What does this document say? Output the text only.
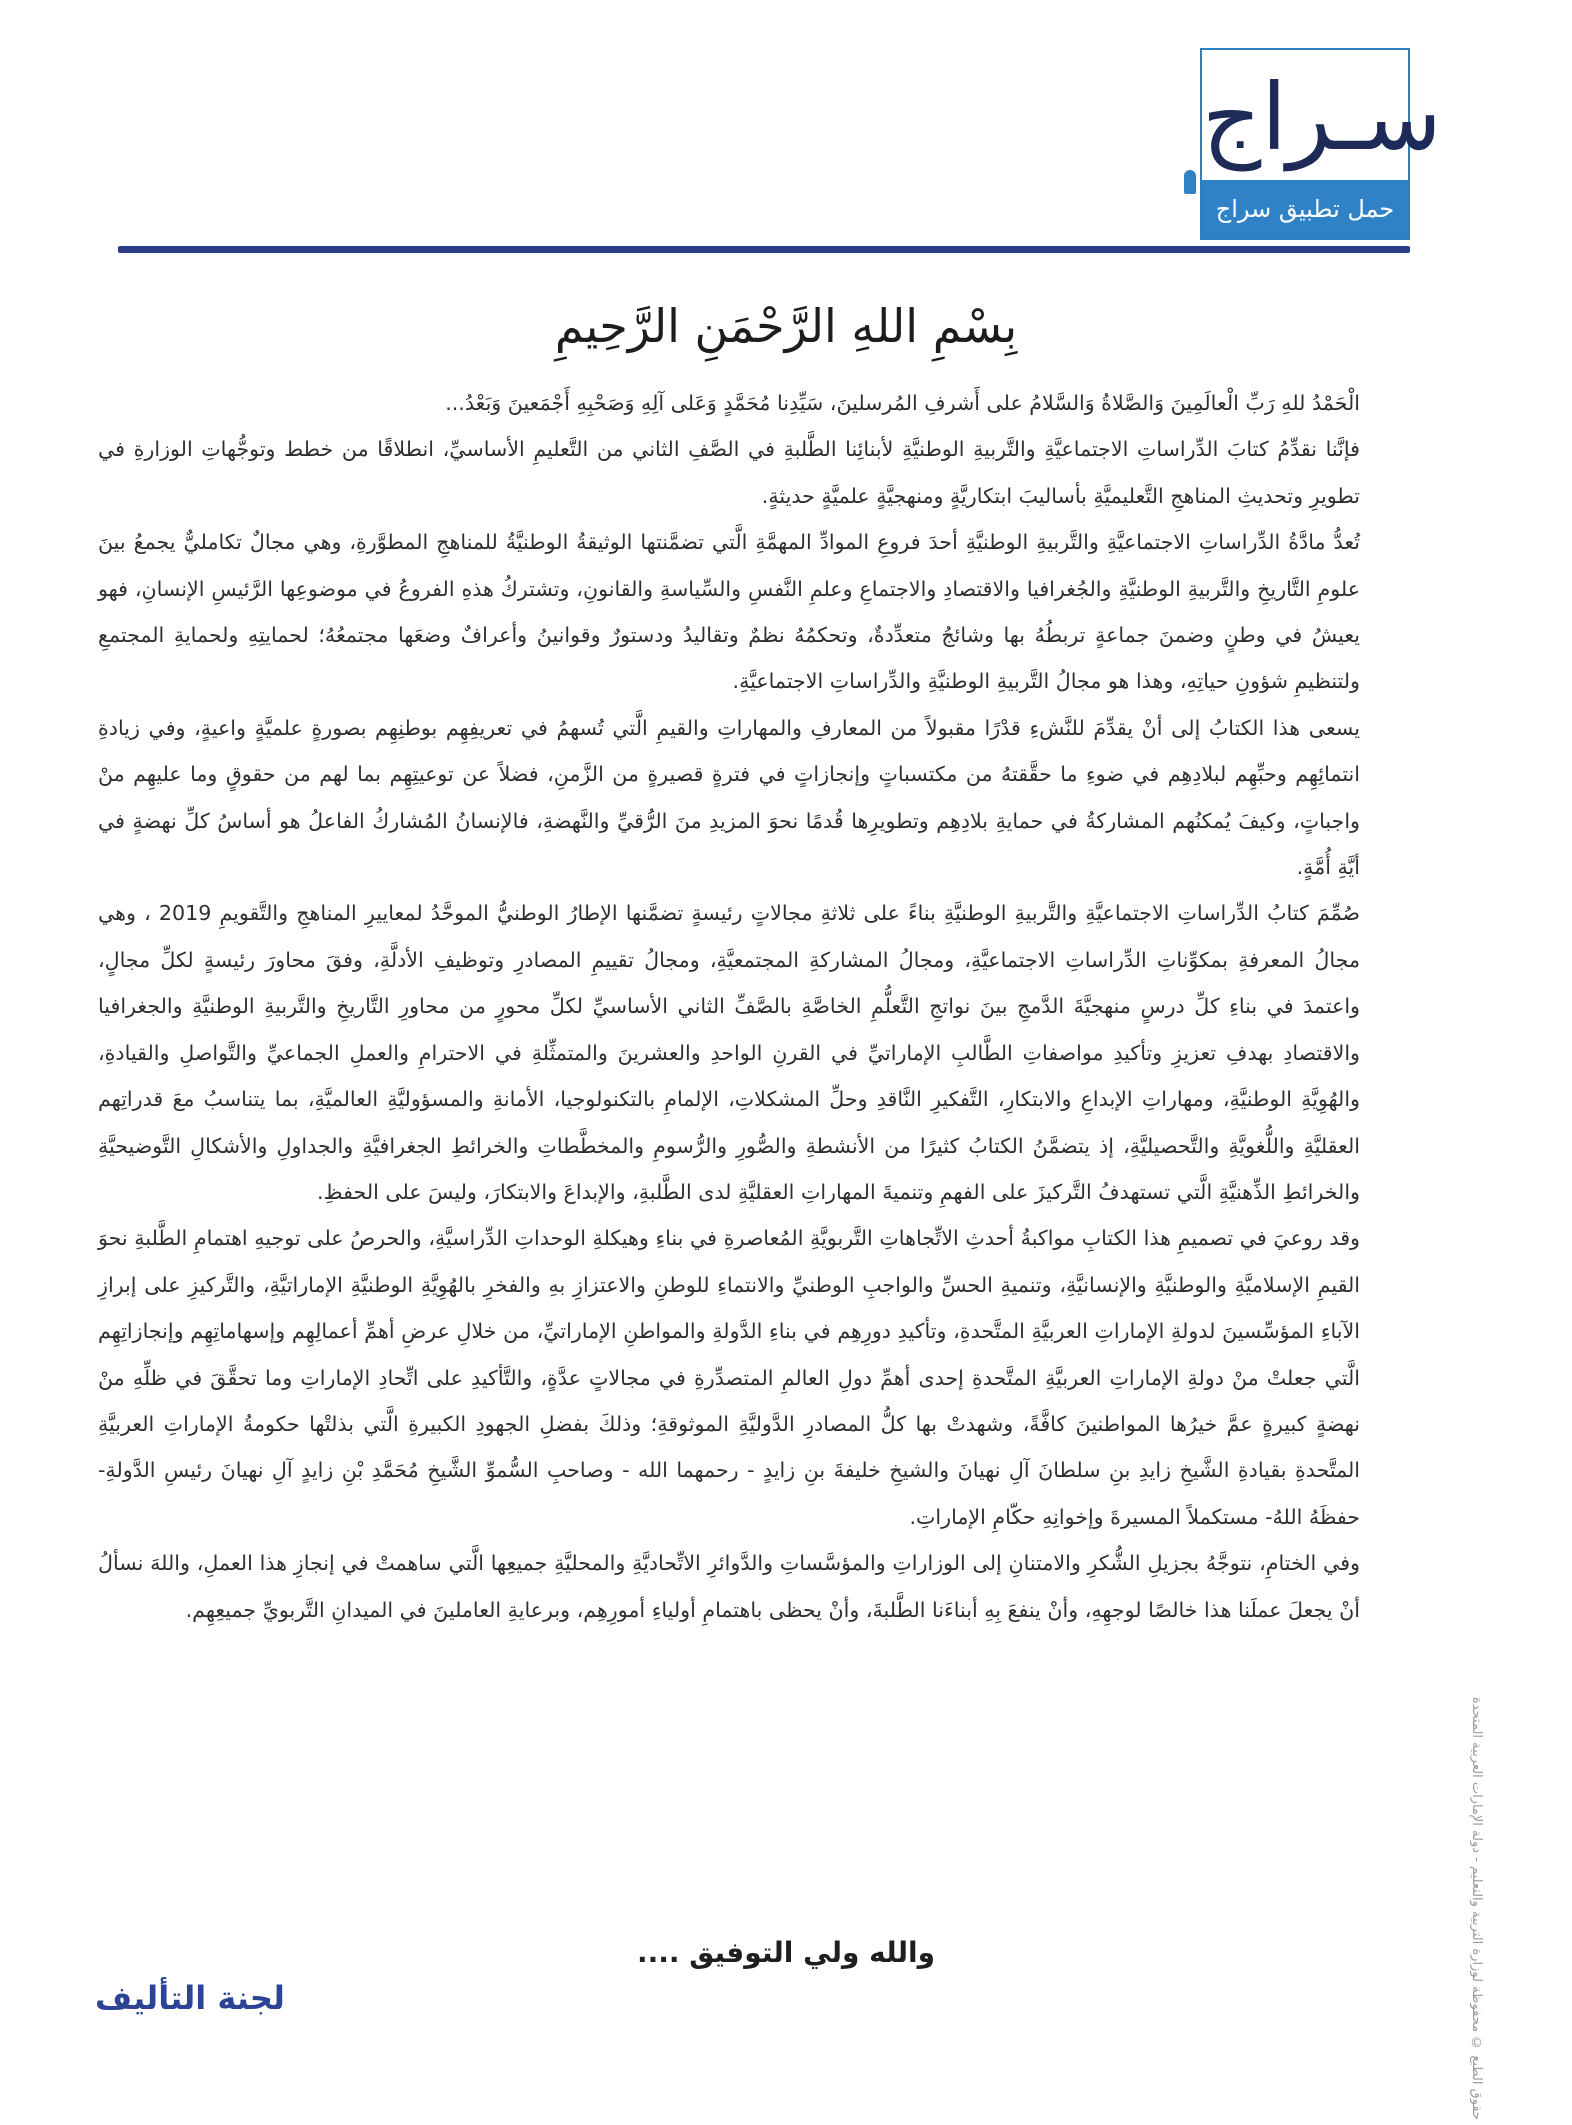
سـراج
حمل تطبيق سراج
بِسْمِ اللهِ الرَّحْمَنِ الرَّحِيمِ

الْحَمْدُ للهِ رَبِّ الْعالَمِينَ وَالصَّلاةُ وَالسَّلامُ على أَشرفِ المُرسلينَ، سَيِّدِنا مُحَمَّدٍ وَعَلى آلِهِ وَصَحْبِهِ أَجْمَعينَ وَبَعْدُ...

فإنَّنا نقدِّمُ كتابَ الدِّراساتِ الاجتماعيَّةِ والتَّربيةِ الوطنيَّةِ لأبنائِنا الطَّلبةِ في الصَّفِ الثاني من التَّعليمِ الأساسيِّ، انطلاقًا من خطط وتوجُّهاتِ الوزارةِ في تطويرِ وتحديثِ المناهجِ التَّعليميَّةِ بأساليبَ ابتكاريَّةٍ ومنهجيَّةٍ علميَّةٍ حديثةٍ.

تُعدُّ مادَّةُ الدِّراساتِ الاجتماعيَّةِ والتَّربيةِ الوطنيَّةِ أحدَ فروعِ الموادِّ المهمَّةِ الَّتي تضمَّنتها الوثيقةُ الوطنيَّةُ للمناهجِ المطوَّرةِ، وهي مجالٌ تكامليٌّ يجمعُ بينَ علومِ التَّاريخِ والتَّربيةِ الوطنيَّةِ والجُغرافيا والاقتصادِ والاجتماعِ وعلمِ النَّفسِ والسِّياسةِ والقانونِ، وتشتركُ هذهِ الفروعُ في موضوعِها الرَّئيسِ الإنسانِ، فهو يعيشُ في وطنٍ وضمنَ جماعةٍ تربطُهُ بها وشائجُ متعدِّدةٌ، وتحكمُهُ نظمٌ وتقاليدُ ودستورٌ وقوانينُ وأعرافٌ وضعَها مجتمعُهُ؛ لحمايتِهِ ولحمايةِ المجتمعِ ولتنظيمِ شؤونِ حياتِهِ، وهذا هو مجالُ التَّربيةِ الوطنيَّةِ والدِّراساتِ الاجتماعيَّةِ.

يسعى هذا الكتابُ إلى أنْ يقدِّمَ للنَّشءِ قدْرًا مقبولاً من المعارفِ والمهاراتِ والقيمِ الَّتي تُسهمُ في تعريفِهِم بوطنِهِم بصورةٍ علميَّةٍ واعيةٍ، وفي زيادةِ انتمائِهِم وحبِّهِم لبلادِهِم في ضوءِ ما حقَّقتهُ من مكتسباتٍ وإنجازاتٍ في فترةٍ قصيرةٍ من الزَّمنِ، فضلاً عن توعيتِهِم بما لهم من حقوقٍ وما عليهِم منْ واجباتٍ، وكيفَ يُمكنُهم المشاركةُ في حمايةِ بلادِهِم وتطويرِها قُدمًا نحوَ المزيدِ منَ الرُّقيِّ والنَّهضةِ، فالإنسانُ المُشاركُ الفاعلُ هو أساسُ كلِّ نهضةٍ في أيَّةِ أُمَّةٍ.

صُمِّمَ كتابُ الدِّراساتِ الاجتماعيَّةِ والتَّربيةِ الوطنيَّةِ بناءً على ثلاثةِ مجالاتٍ رئيسةٍ تضمَّنها الإطارُ الوطنيُّ الموحَّدُ لمعاييرِ المناهجِ والتَّقويمِ 2019 ، وهي مجالُ المعرفةِ بمكوِّناتِ الدِّراساتِ الاجتماعيَّةِ، ومجالُ المشاركةِ المجتمعيَّةِ، ومجالُ تقييمِ المصادرِ وتوظيفِ الأدلَّةِ، وفقَ محاورَ رئيسةٍ لكلِّ مجالٍ، واعتمدَ في بناءِ كلِّ درسٍ منهجيَّةَ الدَّمجِ بينَ نواتجِ التَّعلُّمِ الخاصَّةِ بالصَّفِّ الثاني الأساسيِّ لكلِّ محورٍ من محاورِ التَّاريخِ والتَّربيةِ الوطنيَّةِ والجغرافيا والاقتصادِ بهدفِ تعزيزِ وتأكيدِ مواصفاتِ الطَّالبِ الإماراتيِّ في القرنِ الواحدِ والعشرينَ والمتمثِّلةِ في الاحترامِ والعملِ الجماعيِّ والتَّواصلِ والقيادةِ، والهُوِيَّةِ الوطنيَّةِ، ومهاراتِ الإبداعِ والابتكارِ، التَّفكيرِ النَّاقدِ وحلِّ المشكلاتِ، الإلمامِ بالتكنولوجيا، الأمانةِ والمسؤوليَّةِ العالميَّةِ، بما يتناسبُ معَ قدراتِهم العقليَّةِ واللُّغويَّةِ والتَّحصيليَّةِ، إذ يتضمَّنُ الكتابُ كثيرًا من الأنشطةِ والصُّورِ والرُّسومِ والمخطَّطاتِ والخرائطِ الجغرافيَّةِ والجداولِ والأشكالِ التَّوضيحيَّةِ والخرائطِ الذِّهنيَّةِ الَّتي تستهدفُ التَّركيزَ على الفهمِ وتنميةَ المهاراتِ العقليَّةِ لدى الطَّلبةِ، والإبداعَ والابتكارَ، وليسَ على الحفظِ.

وقد روعيَ في تصميمِ هذا الكتابِ مواكبةُ أحدثِ الاتِّجاهاتِ التَّربويَّةِ المُعاصرةِ في بناءِ وهيكلةِ الوحداتِ الدِّراسيَّةِ، والحرصُ على توجيهِ اهتمامِ الطَّلبةِ نحوَ القيمِ الإسلاميَّةِ والوطنيَّةِ والإنسانيَّةِ، وتنميةِ الحسِّ والواجبِ الوطنيِّ والانتماءِ للوطنِ والاعتزازِ بهِ والفخرِ بالهُوِيَّةِ الوطنيَّةِ الإماراتيَّةِ، والتَّركيزِ على إبرازِ الآباءِ المؤسِّسينَ لدولةِ الإماراتِ العربيَّةِ المتَّحدةِ، وتأكيدِ دورِهِم في بناءِ الدَّولةِ والمواطنِ الإماراتيِّ، من خلالِ عرضِ أهمِّ أعمالِهِم وإسهاماتِهِم وإنجازاتِهِم الَّتي جعلتْ منْ دولةِ الإماراتِ العربيَّةِ المتَّحدةِ إحدى أهمِّ دولِ العالمِ المتصدِّرةِ في مجالاتٍ عدَّةٍ، والتَّأكيدِ على اتِّحادِ الإماراتِ وما تحقَّقَ في ظلِّهِ منْ نهضةٍ كبيرةٍ عمَّ خيرُها المواطنينَ كافَّةً، وشهدتْ بها كلُّ المصادرِ الدَّوليَّةِ الموثوقةِ؛ وذلكَ بفضلِ الجهودِ الكبيرةِ الَّتي بذلتْها حكومةُ الإماراتِ العربيَّةِ المتَّحدةِ بقيادةِ الشَّيخِ زايدِ بنِ سلطانَ آلِ نهيانَ والشيخِ خليفةَ بنِ زايدٍ - رحمهما الله - وصاحبِ السُّموِّ الشَّيخِ مُحَمَّدِ بْنِ زايدٍ آلِ نهيانَ رئيسِ الدَّولةِ- حفظَهُ اللهُ- مستكملاً المسيرةَ وإخوانِهِ حكّامِ الإماراتِ.

وفي الختامِ، نتوجَّهُ بجزيلِ الشُّكرِ والامتنانِ إلى الوزاراتِ والمؤسَّساتِ والدَّوائرِ الاتِّحاديَّةِ والمحليَّةِ جميعِها الَّتي ساهمتْ في إنجازِ هذا العملِ، واللهَ نسألُ أنْ يجعلَ عملَنا هذا خالصًا لوجهِهِ، وأنْ ينفعَ بِهِ أبناءَنا الطَّلبةَ، وأنْ يحظى باهتمامِ أولياءِ أمورِهِم، وبرعايةِ العاملينَ في الميدانِ التَّربويِّ جميعِهِم.

حقوق الطبع © محفوظة لوزارة التربية والتعليم - دولة الإمارات العربية المتحدة
والله ولي التوفيق ....
لجنة التأليف
